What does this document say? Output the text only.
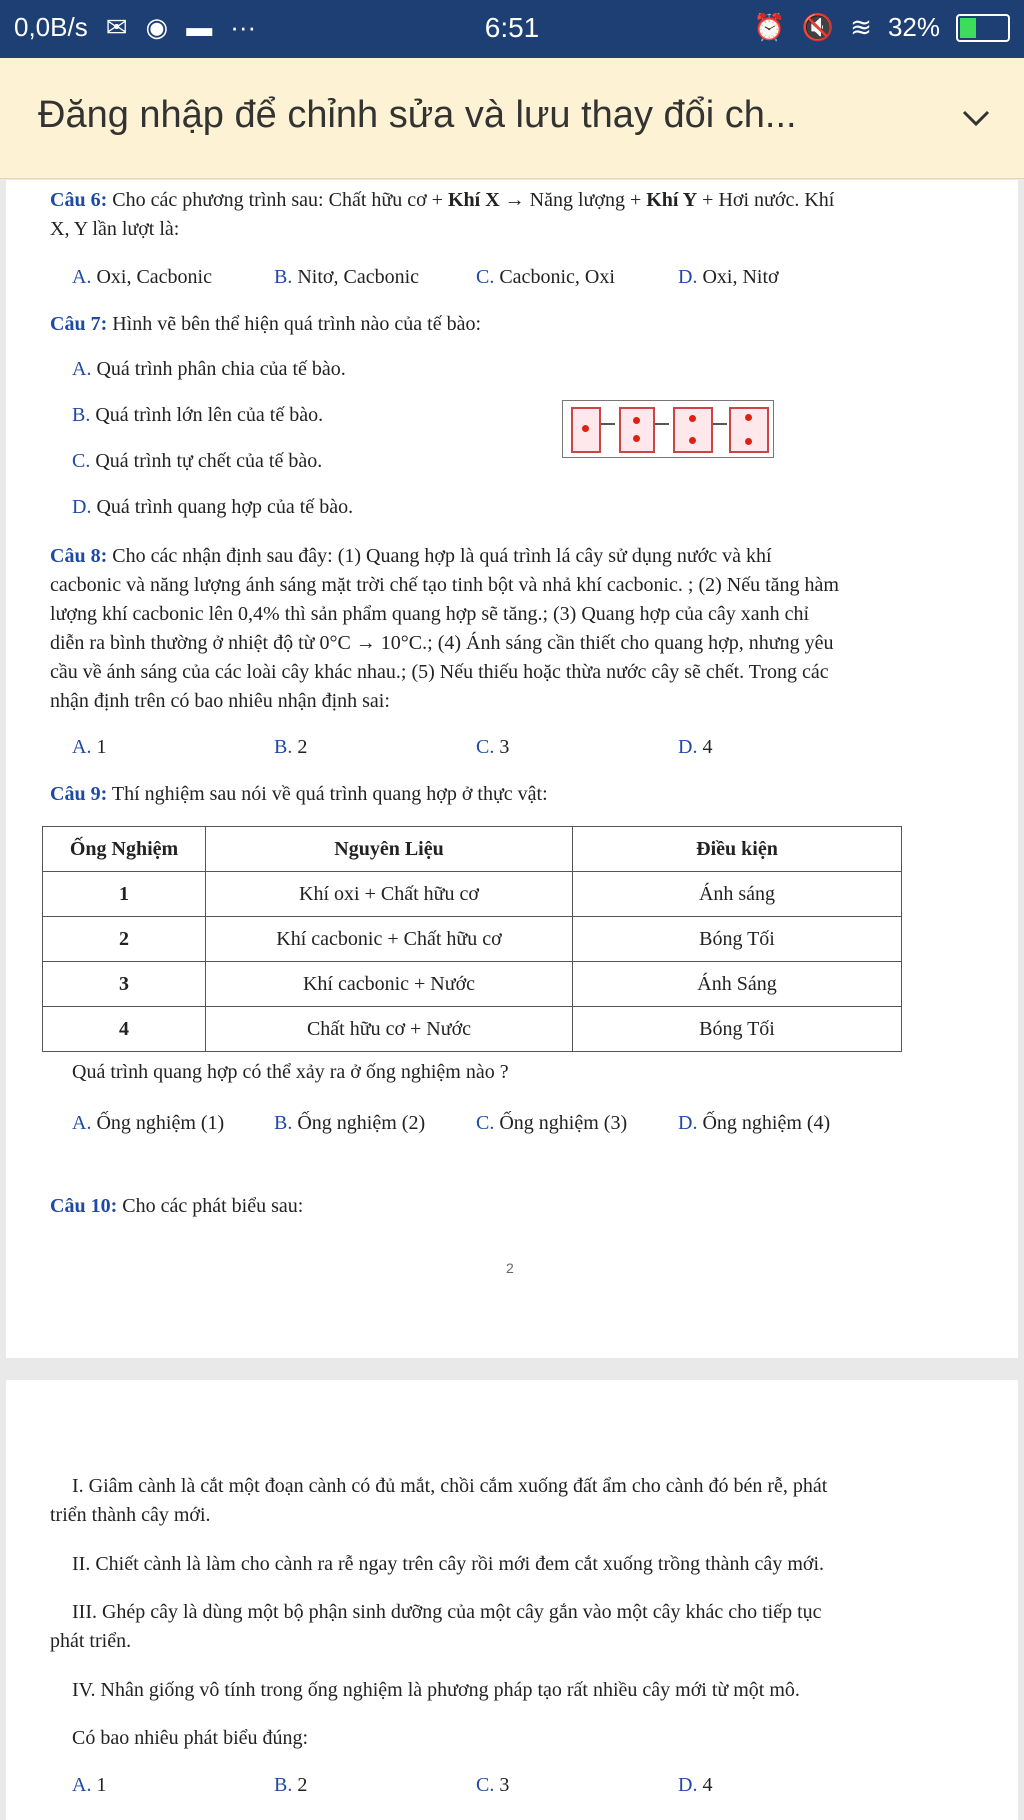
0,0B/s ✉ ◉ ▬ ···	6:51	⏰ 🔇 ≋ 32%
Đăng nhập để chỉnh sửa và lưu thay đổi ch...
Câu 6: Cho các phương trình sau: Chất hữu cơ + Khí X → Năng lượng + Khí Y + Hơi nước. Khí
X, Y lần lượt là:
A. Oxi, Cacbonic	B. Nitơ, Cacbonic	C. Cacbonic, Oxi	D. Oxi, Nitơ
Câu 7: Hình vẽ bên thể hiện quá trình nào của tế bào:
A. Quá trình phân chia của tế bào.
B. Quá trình lớn lên của tế bào.
C. Quá trình tự chết của tế bào.
D. Quá trình quang hợp của tế bào.
Câu 8: Cho các nhận định sau đây: (1) Quang hợp là quá trình lá cây sử dụng nước và khí
cacbonic và năng lượng ánh sáng mặt trời chế tạo tinh bột và nhả khí cacbonic. ; (2) Nếu tăng hàm
lượng khí cacbonic lên 0,4% thì sản phẩm quang hợp sẽ tăng.; (3) Quang hợp của cây xanh chỉ
diễn ra bình thường ở nhiệt độ từ 0°C → 10°C.; (4) Ánh sáng cần thiết cho quang hợp, nhưng yêu
cầu về ánh sáng của các loài cây khác nhau.; (5) Nếu thiếu hoặc thừa nước cây sẽ chết. Trong các
nhận định trên có bao nhiêu nhận định sai:
A. 1	B. 2	C. 3	D. 4
Câu 9: Thí nghiệm sau nói về quá trình quang hợp ở thực vật:
Ống Nghiệm	Nguyên Liệu	Điều kiện
1	Khí oxi + Chất hữu cơ	Ánh sáng
2	Khí cacbonic + Chất hữu cơ	Bóng Tối
3	Khí cacbonic + Nước	Ánh Sáng
4	Chất hữu cơ + Nước	Bóng Tối
Quá trình quang hợp có thể xảy ra ở ống nghiệm nào ?
A. Ống nghiệm (1) B. Ống nghiệm (2)	C. Ống nghiệm (3)	D. Ống nghiệm (4)
Câu 10: Cho các phát biểu sau:
2
I. Giâm cành là cắt một đoạn cành có đủ mắt, chồi cắm xuống đất ẩm cho cành đó bén rễ, phát
triển thành cây mới.
II. Chiết cành là làm cho cành ra rễ ngay trên cây rồi mới đem cắt xuống trồng thành cây mới.
III. Ghép cây là dùng một bộ phận sinh dưỡng của một cây gắn vào một cây khác cho tiếp tục
phát triển.
IV. Nhân giống vô tính trong ống nghiệm là phương pháp tạo rất nhiều cây mới từ một mô.
Có bao nhiêu phát biểu đúng:
A. 1	B. 2	C. 3	D. 4
